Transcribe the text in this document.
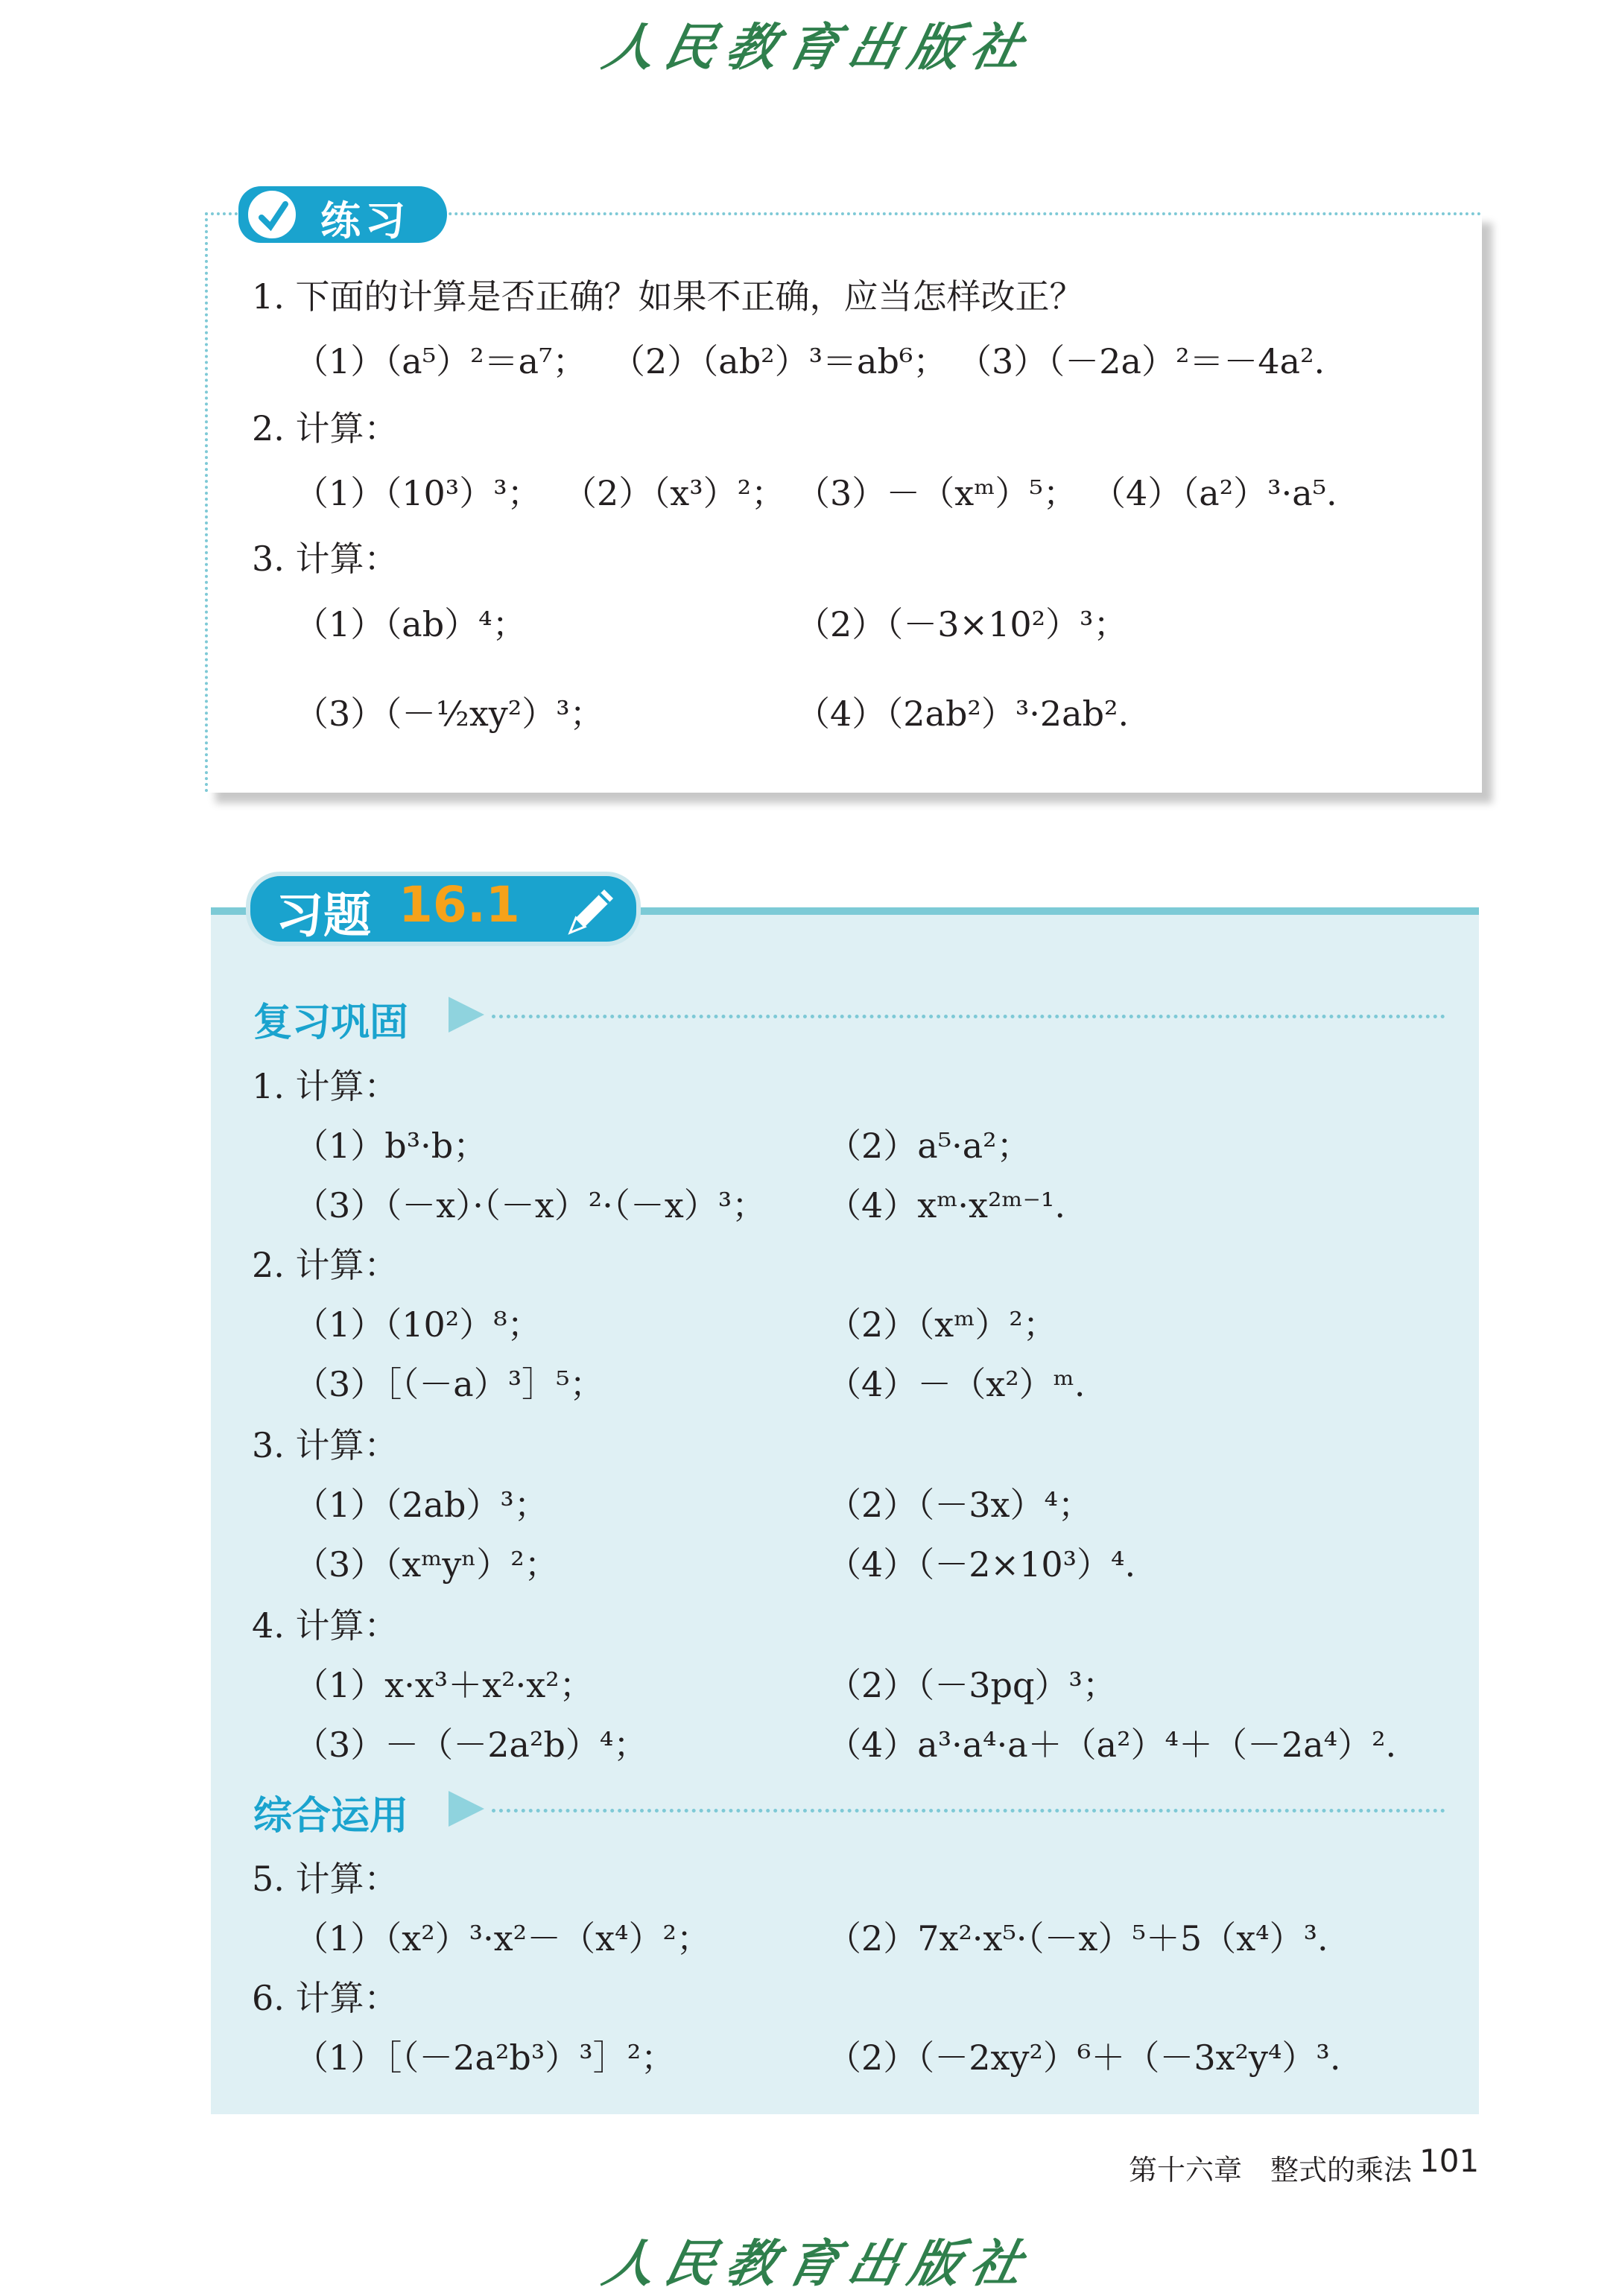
人民教育出版社
练习
1. 下面的计算是否正确？如果不正确，应当怎样改正？
（1）（a⁵）²＝a⁷； （2）（ab²）³＝ab⁶； （3）（－2a）²＝－4a².
2. 计算：
（1）（10³）³； （2）（x³）²； （3）－（xᵐ）⁵； （4）（a²）³·a⁵.
3. 计算：
（1）（ab）⁴；	（2）（－3×10²）³；
（3）（－½xy²）³；	（4）（2ab²）³·2ab².
习题 16.1
复习巩固
1. 计算：
（1）b³·b；	（2）a⁵·a²；
（3）（－x）·（－x）²·（－x）³； （4）xᵐ·x²ᵐ⁻¹.
2. 计算：
（1）（10²）⁸；	（2）（xᵐ）²；
（3）［（－a）³］⁵；	（4）－（x²）ᵐ.
3. 计算：
（1）（2ab）³；	（2）（－3x）⁴；
（3）（xᵐyⁿ）²；	（4）（－2×10³）⁴.
4. 计算：
（1）x·x³＋x²·x²；	（2）（－3pq）³；
（3）－（－2a²b）⁴；	（4）a³·a⁴·a＋（a²）⁴＋（－2a⁴）².
综合运用
5. 计算：
（1）（x²）³·x²－（x⁴）²；	（2）7x²·x⁵·（－x）⁵＋5（x⁴）³.
6. 计算：
（1）［（－2a²b³）³］²；	（2）（－2xy²）⁶＋（－3x²y⁴）³.
第十六章　整式的乘法 101
人民教育出版社
